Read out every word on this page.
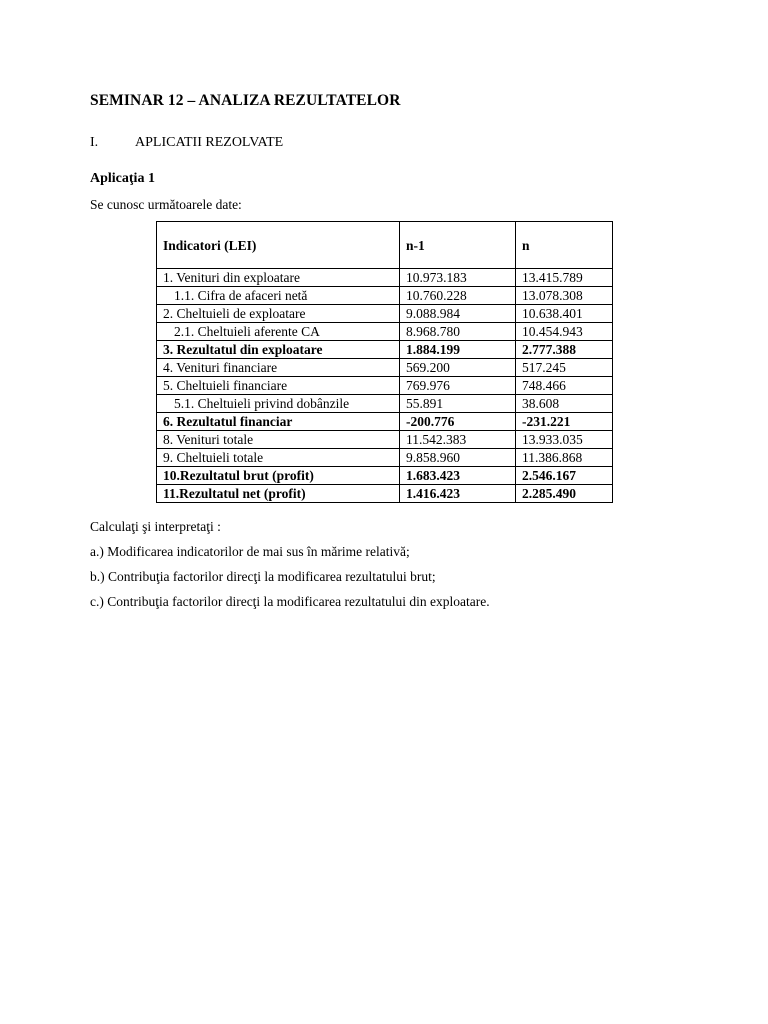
SEMINAR 12 – ANALIZA REZULTATELOR
I.	APLICATII REZOLVATE
Aplicaţia 1
Se cunosc următoarele date:
Indicatori (LEI)	n-1	n
1. Venituri din exploatare	10.973.183	13.415.789
1.1. Cifra de afaceri netă	10.760.228	13.078.308
2. Cheltuieli de exploatare	9.088.984	10.638.401
2.1. Cheltuieli aferente CA	8.968.780	10.454.943
3. Rezultatul din exploatare	1.884.199	2.777.388
4. Venituri financiare	569.200	517.245
5. Cheltuieli financiare	769.976	748.466
5.1. Cheltuieli privind dobânzile	55.891	38.608
6. Rezultatul financiar	-200.776	-231.221
8. Venituri totale	11.542.383	13.933.035
9. Cheltuieli totale	9.858.960	11.386.868
10.Rezultatul brut (profit)	1.683.423	2.546.167
11.Rezultatul net (profit)	1.416.423	2.285.490
Calculaţi şi interpretaţi :
a.) Modificarea indicatorilor de mai sus în mărime relativă;
b.) Contribuţia factorilor direcţi la modificarea rezultatului brut;
c.) Contribuţia factorilor direcţi la modificarea rezultatului din exploatare.
